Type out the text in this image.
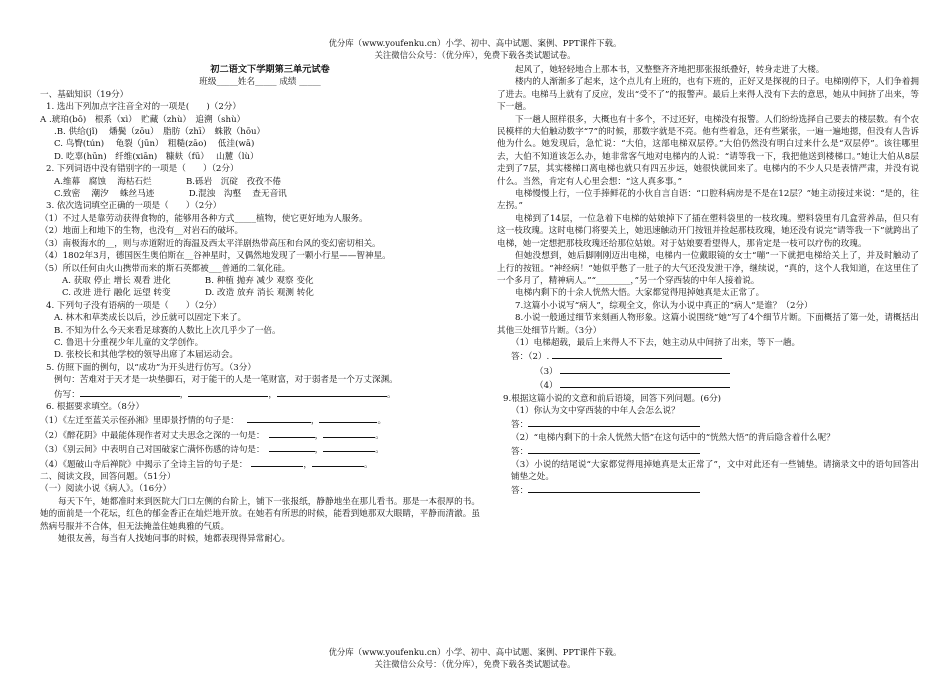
优分库（www.youfenku.cn）小学、初中、高中试题、案例、PPT课件下载。
关注微信公众号：（优分库），免费下载各类试题试卷。
初二语文下学期第三单元试卷
班级_____姓名_____ 成绩 _____
一、基础知识（19分）
1. 选出下列加点字注音全对的一项是(　　)（2分）
A .琥珀(bō)　根系（xì）　贮藏（zhù）　追溯（shù）
.B. 供给(jǐ)　 燔鬓（zōu）　脂肪（zhī）　蛛散（hōu）
C. 鸟臀(tún)　 龟裂（jūn）　粗糙(zāo)　 低洼(wā)
D. 吃辜(hūn)　纤维(xiān)　糠麸（fū）　 山麓（lù）
2. 下列词语中没有错别字的一项是（　　）（2分）
A.维幕　腐蚀　 海枯石烂　　　　B.砾岩　沉碇　孜孜不倦
C.致密　 潮汐　 蛛丝马迹　　　　D.混浊　沟壑　 查无音讯
3. 依次选词填空正确的一项是（　　）（2分）
（1）不过人是靠劳动获得食物的，能够用各种方式_____植物，使它更好地为人服务。
（2）地面上和地下的生物，也没有__对岩石的破坏。
（3）南极海水的__，则与赤道附近的海温及西太平洋剧热带高压和台风的变幻密切相关。
（4）1802年3月，德国医生奥伯斯在__谷神星时，又偶然地发现了一颗小行星——智神星。
（5）所以任何由火山携带而来的斯石英都被___普通的二氧化硅。
A. 获取 停止 增长 观看 进化　　　　B. 种植 抛弃 减少 观察 变化
C. 改进 进行 融化 远望 转变　　　　D. 改造 放弃 消长 观测 转化
4. 下列句子没有语病的一项是（　　）（2分）
A. 林木和草类成长以后，沙丘就可以固定下来了。
B. 不知为什么今天来看足球赛的人数比上次几乎少了一倍。
C. 鲁迅十分重视少年儿童的文学创作。
D. 张校长和其他学校的领导出席了本届运动会。
5. 仿照下面的例句，以“成功”为开头进行仿写。（3分）
例句：苦难对于天才是一块垫脚石，对于能干的人是一笔财富，对于弱者是一个万丈深渊。
仿写：	，	，	。
6. 根据要求填空。（8分）
（1）《左迁至蓝关示侄孙湘》里即景抒情的句子是：	，	。
（2）《醉花阴》中最能体现作者对丈夫思念之深的一句是：	，	。
（3）《别云间》中表明自己对国破家亡满怀伤感的诗句是：	，	。
（4）《题破山寺后禅院》中揭示了全诗主旨的句子是：	，	。
二、阅读文段，回答问题。（51分）
（一）阅读小说《病人》。（16分）
每天下午，她都准时来到医院大门口左侧的台阶上，铺下一张报纸，静静地坐在那儿看书。那是一本很厚的书。她的面前是一个花坛，红色的郁金香正在灿烂地开放。在她若有所思的时候，能看到她那双大眼睛，平静而清澈。虽然病号服并不合体，但无法掩盖住她典雅的气质。
她很友善，每当有人找她问事的时候，她都表现得异常耐心。
起风了，她轻轻地合上那本书，又整整齐齐地把那张报纸叠好，转身走进了大楼。
楼内的人渐渐多了起来，这个点儿有上班的，也有下班的，正好又是探视的日子。电梯刚停下，人们争着拥了进去。电梯马上就有了反应，发出“受不了”的报警声。最后上来得人没有下去的意思，她从中间挤了出来，等下一趟。
下一趟人照样很多，大概也有十多个，不过还好，电梯没有报警。人们纷纷选择自己要去的楼层数。有个农民模样的大伯触动数字“7”的时候，那数字就是不亮。他有些着急，还有些紧张，一遍一遍地摁，但没有人告诉他为什么。她发现后，急忙说：“大伯，这部电梯双层停。”大伯仍然没有明白过来什么是“双层停”。该往哪里去，大伯不知道该怎么办，她非常客气地对电梯内的人说：“请等我一下，我把他送到楼梯口。”她让大伯从8层走到了7层，其实楼梯口离电梯也就只有四五步远，她很快就回来了。电梯内的不少人只是表情严肃，并没有说什么。当然，肯定有人心里会想：“这人真多事。”
电梯慢慢上行，一位手捧鲜花的小伙自言自语：“口腔科病房是不是在12层？”她主动接过来说：“是的，往左拐。”
电梯到了14层，一位急着下电梯的姑娘掉下了插在塑料袋里的一枝玫瑰。塑料袋里有几盒营养品，但只有这一枝玫瑰。这时电梯门将要关上，她迅速触动开门按钮并捡起那枝玫瑰，她还没有说完“请等我一下”就跨出了电梯，她一定想把那枝玫瑰还给那位姑娘。对于姑娘要看望得人，那肯定是一枝可以疗伤的玫瑰。
但她没想到，她后脚刚刚迈出电梯，电梯内一位戴眼镜的女士“嘣”一下就把电梯给关上了，并及时触动了上行的按钮。“神经病！”她似乎憋了一肚子的大气还没发泄干净，继续说，“真的，这个人我知道，在这里住了一个多月了，精神病人。”“________，”另一个穿西装的中年人接着说。
电梯内剩下的十余人恍然大悟。大家都觉得甩掉她真是太正常了。
7.这篇小小说写“病人”，综观全文，你认为小说中真正的“病人”是谁？（2分）
8.小说一般通过细节来刻画人物形象。这篇小说围绕“她”写了4个细节片断。下面概括了第一处，请概括出其他三处细节片断。（3分）
（1）电梯超载，最后上来得人不下去，她主动从中间挤了出来，等下一趟。
答：（2）.
（3）
（4）
9.根据这篇小说的文意和前后语境，回答下列问题。(6分)
（1）你认为文中穿西装的中年人会怎么说？
答：
（2）“电梯内剩下的十余人恍然大悟”在这句话中的“恍然大悟”的背后隐含着什么呢？
答：
（3）小说的结尾说“大家都觉得甩掉她真是太正常了”，文中对此还有一些铺垫。请摘录文中的语句回答出铺垫之处。
答：
优分库（www.youfenku.cn）小学、初中、高中试题、案例、PPT课件下载。
关注微信公众号：（优分库），免费下载各类试题试卷。
